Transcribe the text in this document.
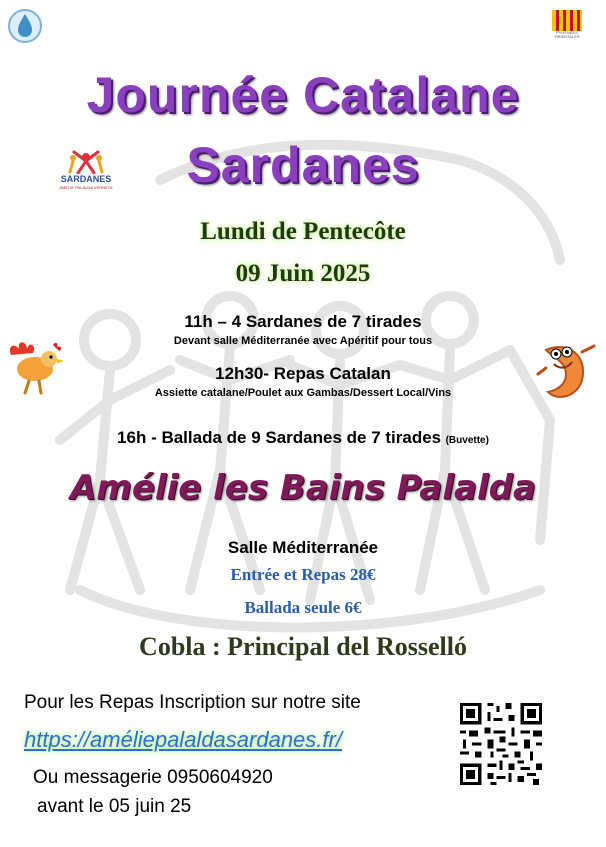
PYRÉNÉES ORIENTALES
Journée Catalane
Sardanes
SARDANES
AMÉLIE PALALDA VERNEYA
Lundi de Pentecôte
09 Juin 2025
11h – 4 Sardanes de 7 tirades
Devant salle Méditerranée avec Apéritif pour tous
12h30- Repas Catalan
Assiette catalane/Poulet aux Gambas/Dessert Local/Vins
16h - Ballada de 9 Sardanes de 7 tirades (Buvette)
Amélie les Bains Palalda
Salle Méditerranée
Entrée et Repas 28€
Ballada seule 6€
Cobla : Principal del Rosselló
Pour les Repas Inscription sur notre site
https://améliepalaldasardanes.fr/
Ou messagerie 0950604920
avant le 05 juin 25
